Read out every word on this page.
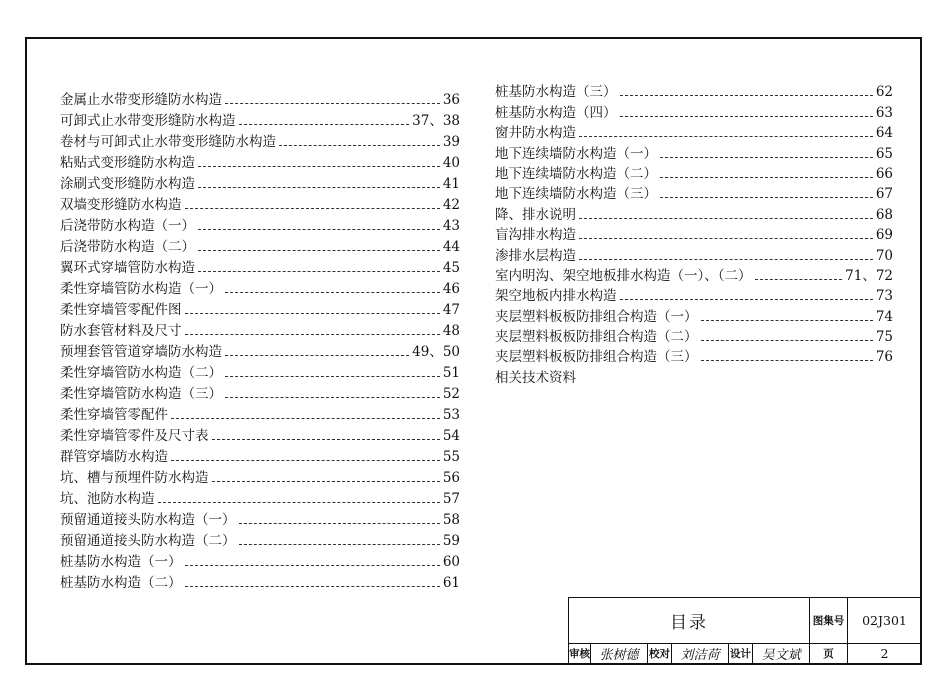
金属止水带变形缝防水构造	36
可卸式止水带变形缝防水构造	37、38
卷材与可卸式止水带变形缝防水构造	39
粘贴式变形缝防水构造	40
涂刷式变形缝防水构造	41
双墙变形缝防水构造	42
后浇带防水构造（一）	43
后浇带防水构造（二）	44
翼环式穿墙管防水构造	45
柔性穿墙管防水构造（一）	46
柔性穿墙管零配件图	47
防水套管材料及尺寸	48
预埋套管管道穿墙防水构造	49、50
柔性穿墙管防水构造（二）	51
柔性穿墙管防水构造（三）	52
柔性穿墙管零配件	53
柔性穿墙管零件及尺寸表	54
群管穿墙防水构造	55
坑、槽与预埋件防水构造	56
坑、池防水构造	57
预留通道接头防水构造（一）	58
预留通道接头防水构造（二）	59
桩基防水构造（一）	60
桩基防水构造（二）	61
桩基防水构造（三）	62
桩基防水构造（四）	63
窗井防水构造	64
地下连续墙防水构造（一）	65
地下连续墙防水构造（二）	66
地下连续墙防水构造（三）	67
降、排水说明	68
盲沟排水构造	69
渗排水层构造	70
室内明沟、架空地板排水构造（一）、（二）	71、72
架空地板内排水构造	73
夹层塑料板板防排组合构造（一）	74
夹层塑料板板防排组合构造（二）	75
夹层塑料板板防排组合构造（三）	76
相关技术资料
目录	图集号	02J301
审核 张树德	校对 刘洁荷	设计 吴文斌	页	2
